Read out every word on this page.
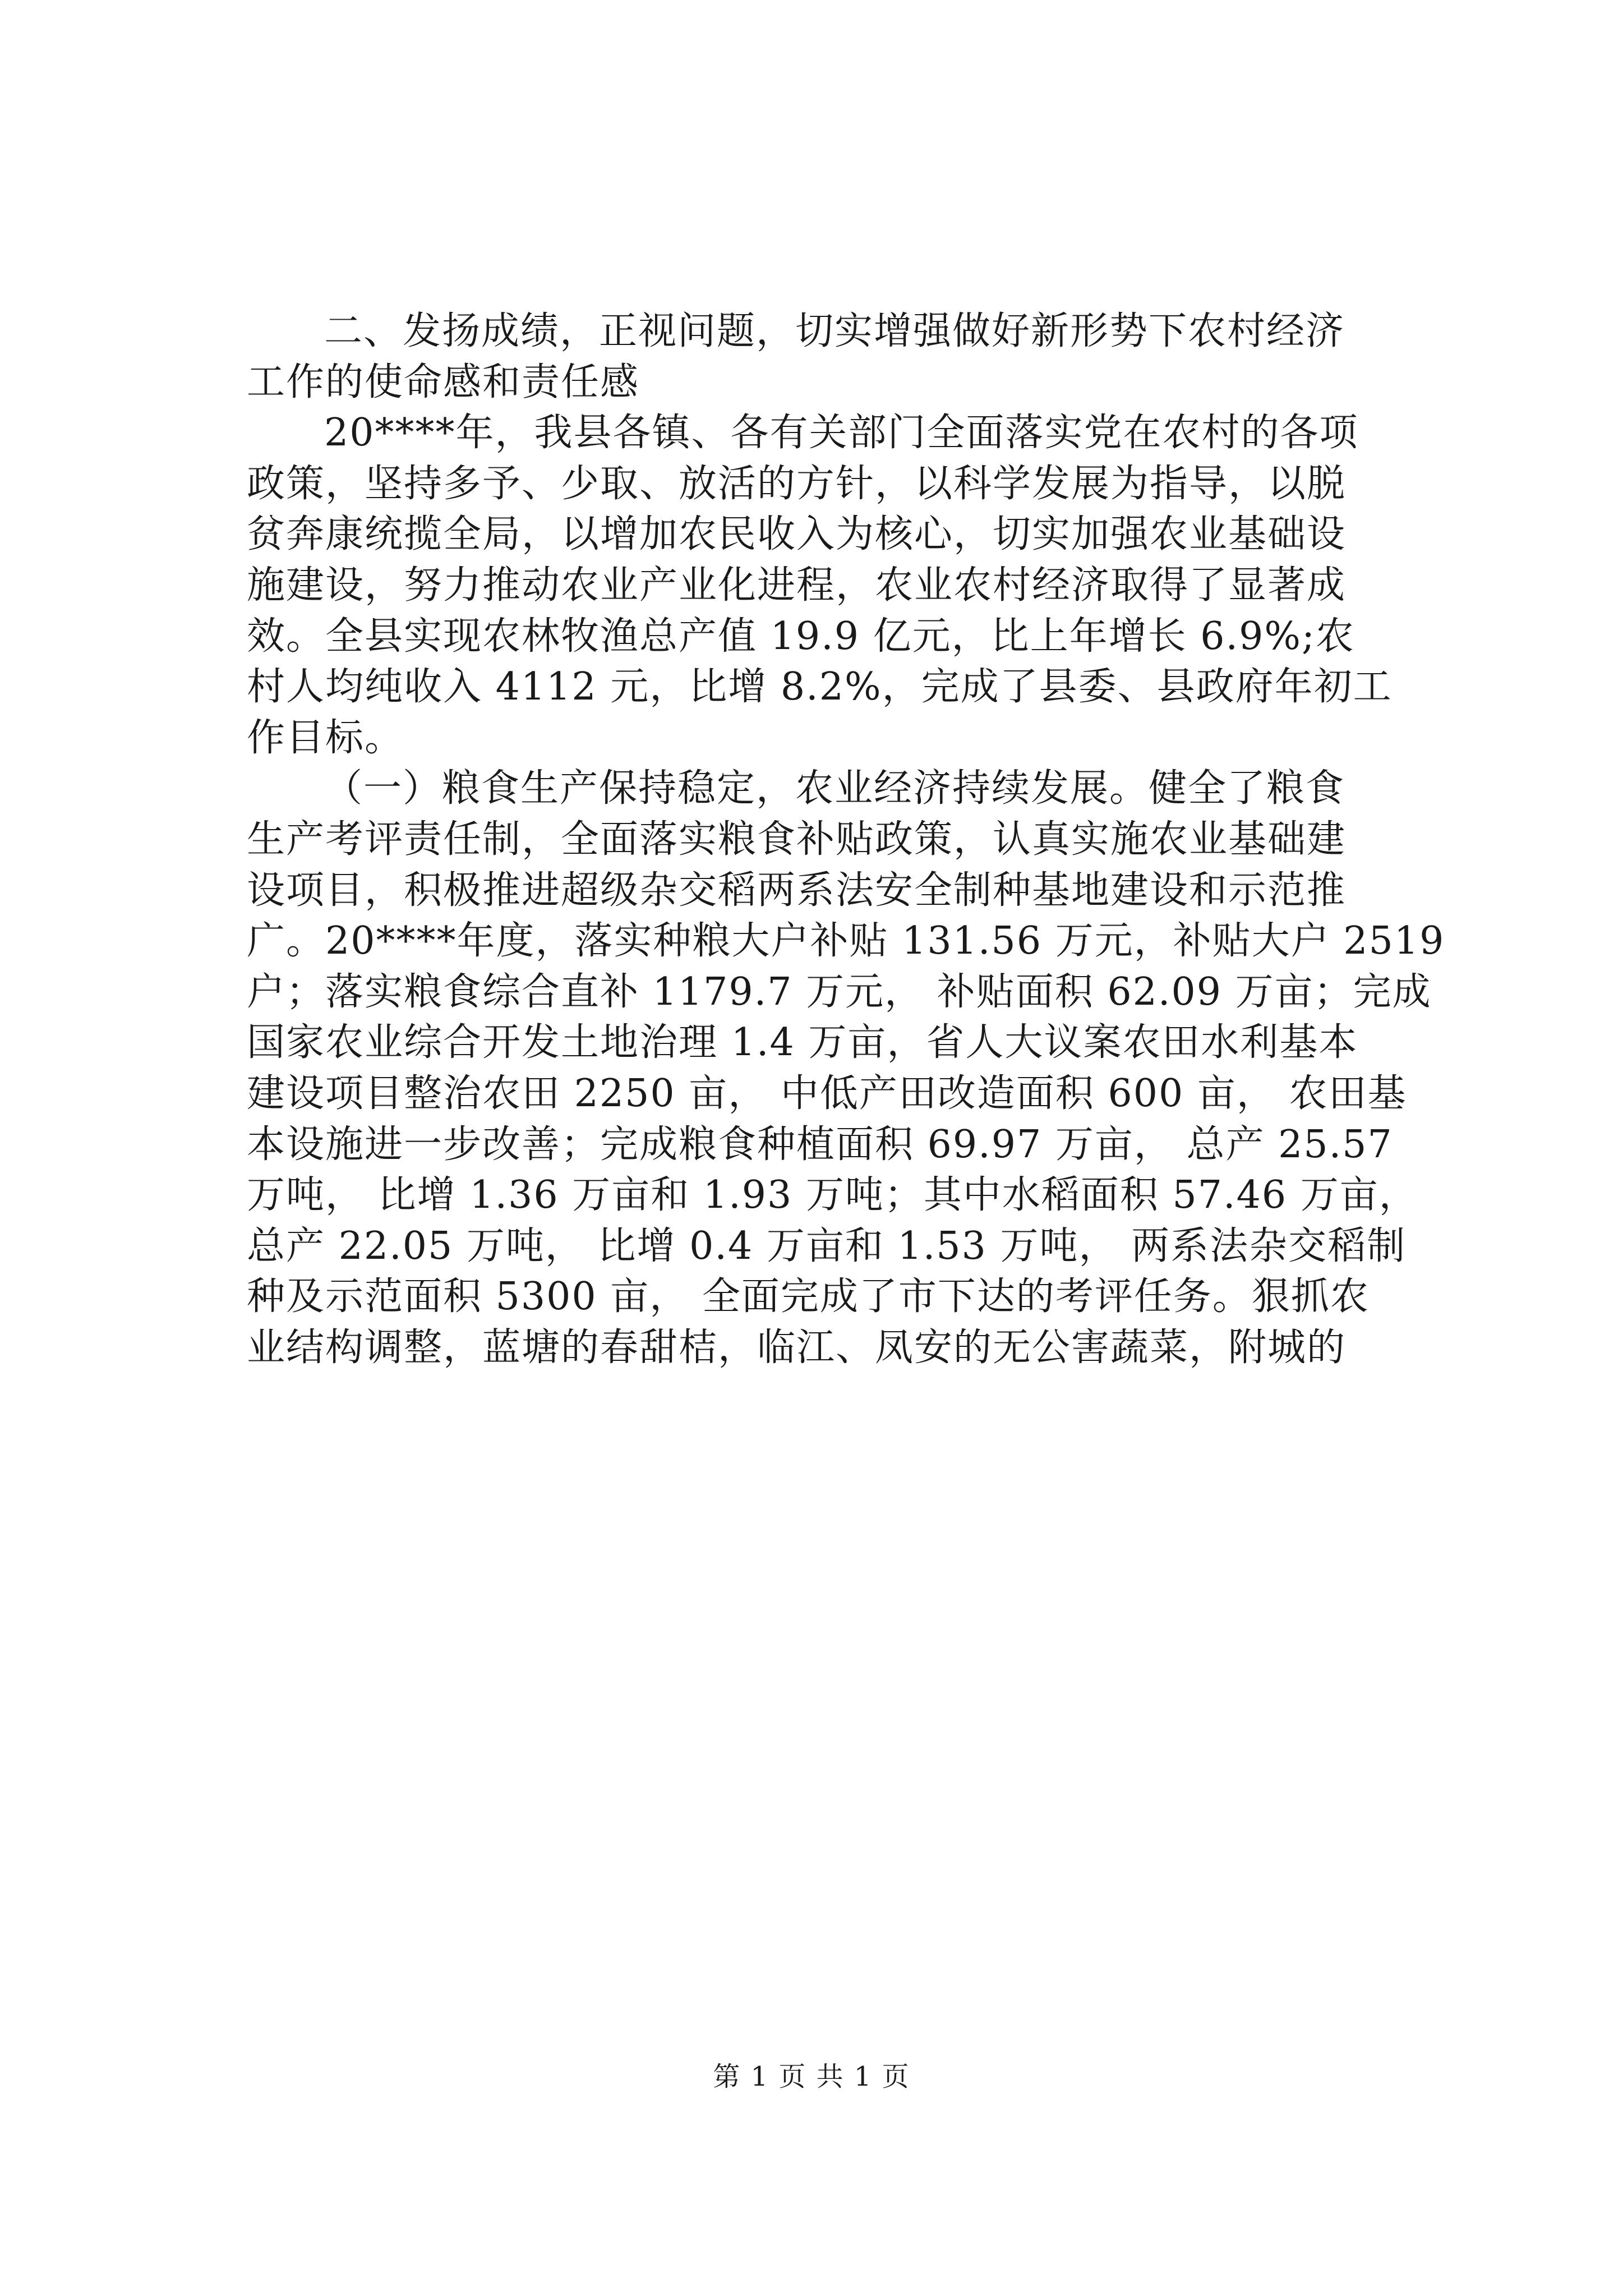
二、发扬成绩，正视问题，切实增强做好新形势下农村经济
工作的使命感和责任感
20****年，我县各镇、各有关部门全面落实党在农村的各项
政策，坚持多予、少取、放活的方针，以科学发展为指导，以脱
贫奔康统揽全局，以增加农民收入为核心，切实加强农业基础设
施建设，努力推动农业产业化进程，农业农村经济取得了显著成
效。全县实现农林牧渔总产值 19.9 亿元，比上年增长 6.9%;农
村人均纯收入 4112 元，比增 8.2%，完成了县委、县政府年初工
作目标。
（一）粮食生产保持稳定，农业经济持续发展。健全了粮食
生产考评责任制，全面落实粮食补贴政策，认真实施农业基础建
设项目，积极推进超级杂交稻两系法安全制种基地建设和示范推
广。20****年度，落实种粮大户补贴 131.56 万元，补贴大户 2519
户；落实粮食综合直补 1179.7 万元， 补贴面积 62.09 万亩；完成
国家农业综合开发土地治理 1.4 万亩，省人大议案农田水利基本
建设项目整治农田 2250 亩， 中低产田改造面积 600 亩， 农田基
本设施进一步改善；完成粮食种植面积 69.97 万亩， 总产 25.57
万吨， 比增 1.36 万亩和 1.93 万吨；其中水稻面积 57.46 万亩，
总产 22.05 万吨， 比增 0.4 万亩和 1.53 万吨， 两系法杂交稻制
种及示范面积 5300 亩， 全面完成了市下达的考评任务。狠抓农
业结构调整，蓝塘的春甜桔，临江、凤安的无公害蔬菜，附城的
第 1 页 共 1 页
